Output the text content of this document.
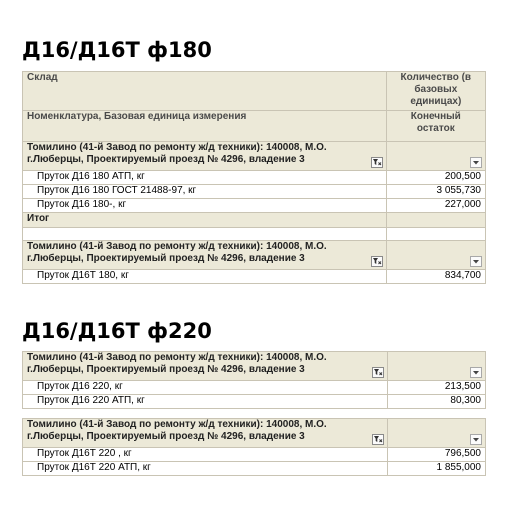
Д16/Д16Т ф180
Склад	Количество (в базовых единицах)
Номенклатура, Базовая единица измерения	Конечный остаток

Томилино (41-й Завод по ремонту ж/д техники): 140008, М.О.
г.Люберцы, Проектируемый проезд № 4296, владение 3

Пруток Д16 180 АТП, кг	200,500
Пруток Д16 180 ГОСТ 21488-97, кг	3 055,730
Пруток Д16 180-, кг	227,000
Итог	

Томилино (41-й Завод по ремонту ж/д техники): 140008, М.О.
г.Люберцы, Проектируемый проезд № 4296, владение 3

Пруток Д16Т 180, кг	834,700
Д16/Д16Т ф220
Томилино (41-й Завод по ремонту ж/д техники): 140008, М.О.
г.Люберцы, Проектируемый проезд № 4296, владение 3

Пруток Д16 220, кг	213,500
Пруток Д16 220 АТП, кг	80,300
Томилино (41-й Завод по ремонту ж/д техники): 140008, М.О.
г.Люберцы, Проектируемый проезд № 4296, владение 3

Пруток Д16Т 220 , кг	796,500
Пруток Д16Т 220 АТП, кг	1 855,000
